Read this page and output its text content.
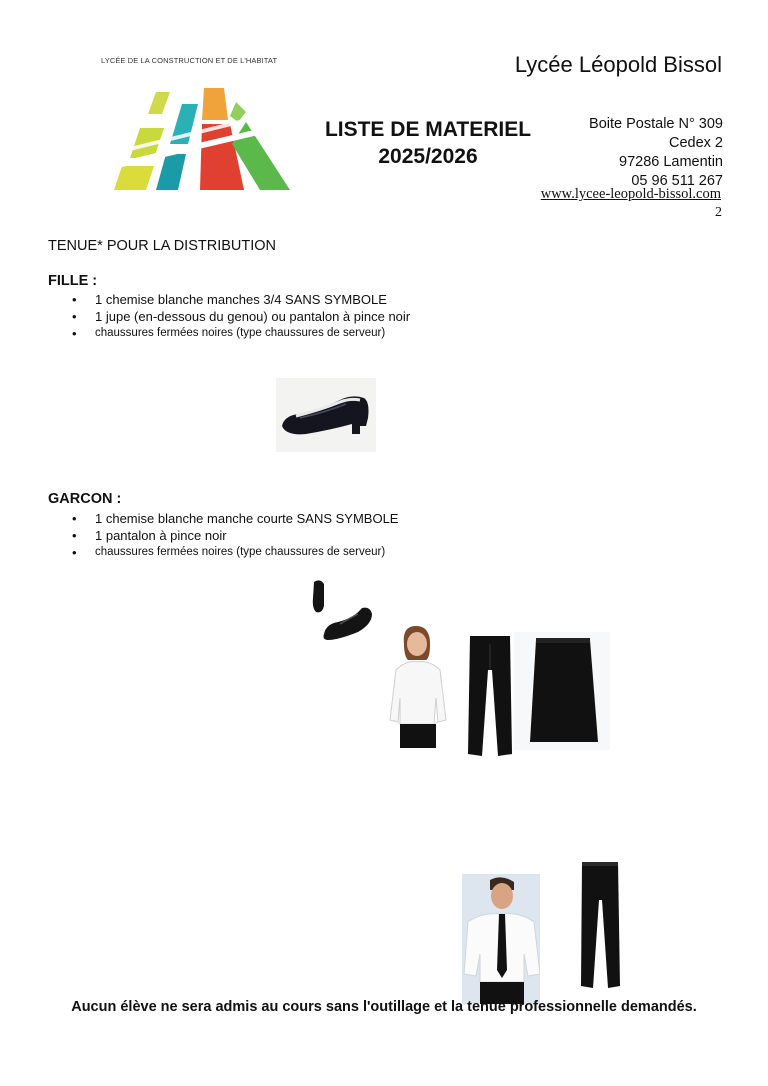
LYCÉE DE LA CONSTRUCTION ET DE L'HABITAT	Lycée Léopold Bissol
LISTE DE MATERIEL
2025/2026
Boite Postale N° 309
Cedex 2
97286 Lamentin
05 96 511 267
www.lycee-leopold-bissol.com
2
TENUE* POUR LA DISTRIBUTION
FILLE :
• 1 chemise blanche manches 3/4 SANS SYMBOLE
• 1 jupe (en-dessous du genou) ou pantalon à pince noir
• chaussures fermées noires (type chaussures de serveur)
GARCON :
• 1 chemise blanche manche courte SANS SYMBOLE
• 1 pantalon à pince noir
• chaussures fermées noires (type chaussures de serveur)
Aucun élève ne sera admis au cours sans l'outillage et la tenue professionnelle demandés.
